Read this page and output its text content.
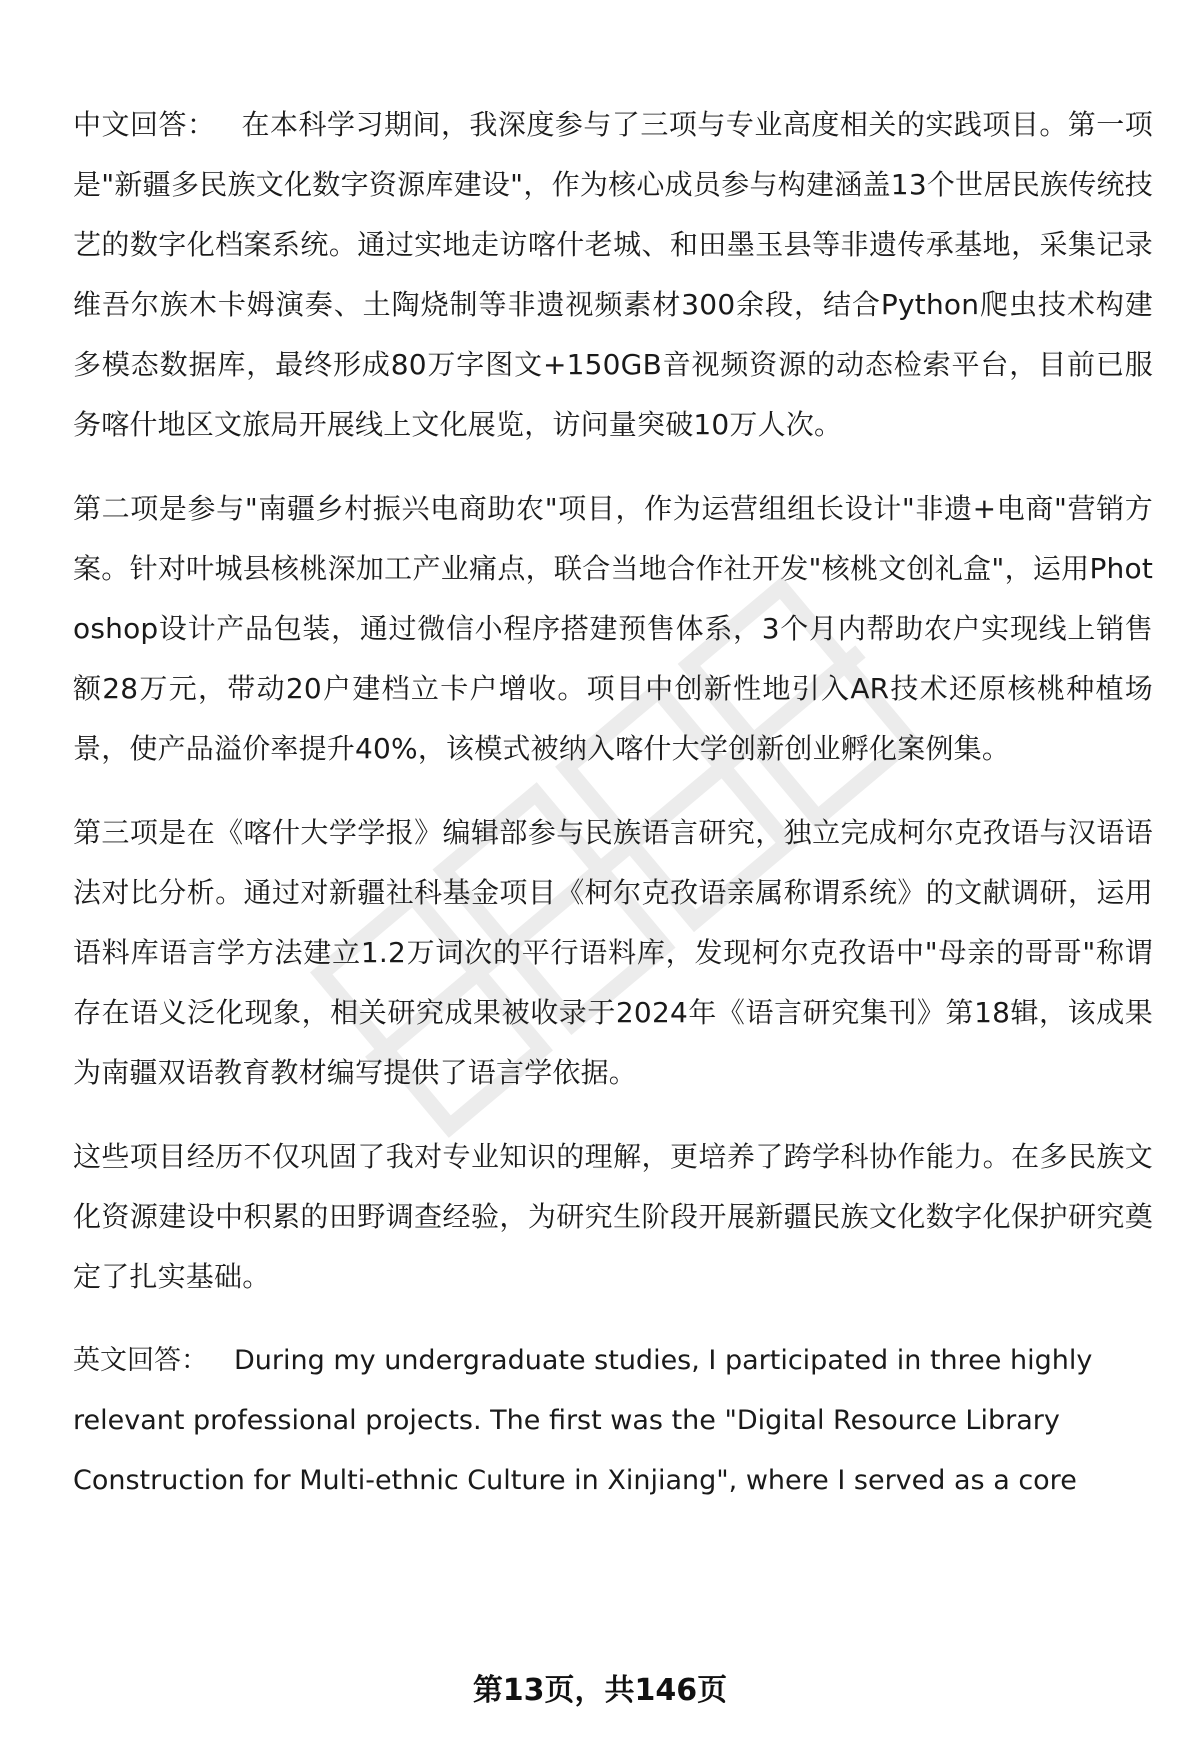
中文回答： 在本科学习期间，我深度参与了三项与专业高度相关的实践项目。第一项是"新疆多民族文化数字资源库建设"，作为核心成员参与构建涵盖13个世居民族传统技艺的数字化档案系统。通过实地走访喀什老城、和田墨玉县等非遗传承基地，采集记录维吾尔族木卡姆演奏、土陶烧制等非遗视频素材300余段，结合Python爬虫技术构建多模态数据库，最终形成80万字图文+150GB音视频资源的动态检索平台，目前已服务喀什地区文旅局开展线上文化展览，访问量突破10万人次。

第二项是参与"南疆乡村振兴电商助农"项目，作为运营组组长设计"非遗+电商"营销方案。针对叶城县核桃深加工产业痛点，联合当地合作社开发"核桃文创礼盒"，运用Photoshop设计产品包装，通过微信小程序搭建预售体系，3个月内帮助农户实现线上销售额28万元，带动20户建档立卡户增收。项目中创新性地引入AR技术还原核桃种植场景，使产品溢价率提升40%，该模式被纳入喀什大学创新创业孵化案例集。

第三项是在《喀什大学学报》编辑部参与民族语言研究，独立完成柯尔克孜语与汉语语法对比分析。通过对新疆社科基金项目《柯尔克孜语亲属称谓系统》的文献调研，运用语料库语言学方法建立1.2万词次的平行语料库，发现柯尔克孜语中"母亲的哥哥"称谓存在语义泛化现象，相关研究成果被收录于2024年《语言研究集刊》第18辑，该成果为南疆双语教育教材编写提供了语言学依据。

这些项目经历不仅巩固了我对专业知识的理解，更培养了跨学科协作能力。在多民族文化资源建设中积累的田野调查经验，为研究生阶段开展新疆民族文化数字化保护研究奠定了扎实基础。

英文回答： During my undergraduate studies, I participated in three highly relevant professional projects. The first was the "Digital Resource Library Construction for Multi-ethnic Culture in Xinjiang", where I served as a core

第13页，共146页
